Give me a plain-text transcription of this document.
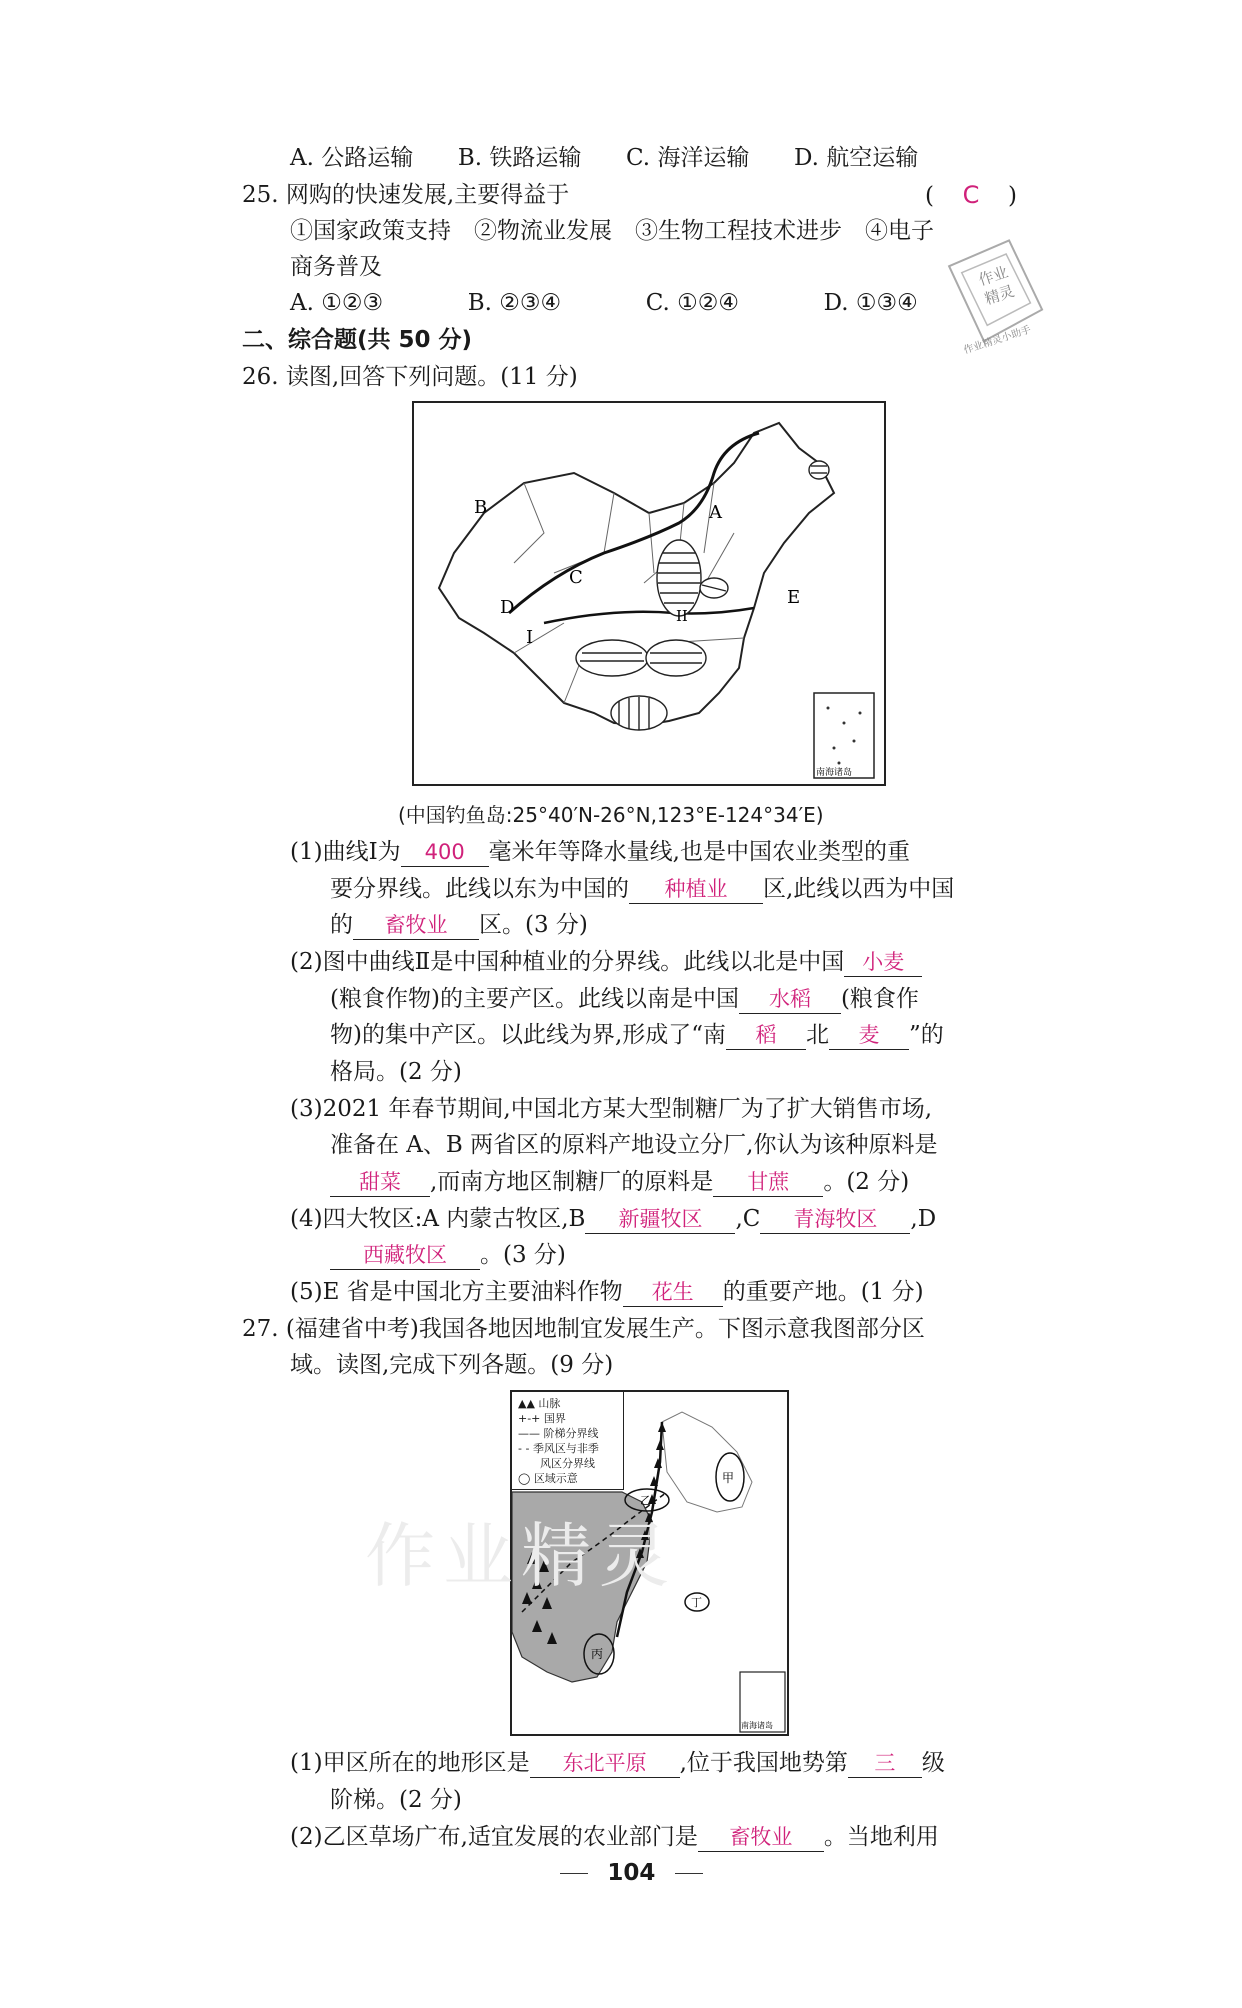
A. 公路运输 B. 铁路运输 C. 海洋运输 D. 航空运输
25. 网购的快速发展,主要得益于	( C )
①国家政策支持　②物流业发展　③生物工程技术进步　④电子
商务普及
A. ①②③	B. ②③④	C. ①②④	D. ①③④
作业
精灵
作业精灵小助手
二、综合题(共 50 分)
26. 读图,回答下列问题。(11 分)
B	A
C
D	E
I
II
南海诸岛
(中国钓鱼岛:25°40′N-26°N,123°E-124°34′E)
(1)曲线Ⅰ为 400 毫米年等降水量线,也是中国农业类型的重
要分界线。此线以东为中国的 种植业 区,此线以西为中国
的 畜牧业 区。(3 分)
(2)图中曲线Ⅱ是中国种植业的分界线。此线以北是中国 小麦
(粮食作物)的主要产区。此线以南是中国 水稻 (粮食作
物)的集中产区。以此线为界,形成了“南 稻 北 麦 ”的
格局。(2 分)
(3)2021 年春节期间,中国北方某大型制糖厂为了扩大销售市场,
准备在 A、B 两省区的原料产地设立分厂,你认为该种原料是
甜菜 ,而南方地区制糖厂的原料是 甘蔗 。(2 分)
(4)四大牧区:A 内蒙古牧区,B 新疆牧区 ,C 青海牧区 ,D
西藏牧区 。(3 分)
(5)E 省是中国北方主要油料作物 花生 的重要产地。(1 分)
27. (福建省中考)我国各地因地制宜发展生产。下图示意我图部分区
域。读图,完成下列各题。(9 分)
甲
乙
丙
丁
南海诸岛
▲▲ 山脉
+-+ 国界
—— 阶梯分界线
- - 季风区与非季
风区分界线
◯ 区域示意
(1)甲区所在的地形区是 东北平原 ,位于我国地势第 三 级
阶梯。(2 分)
(2)乙区草场广布,适宜发展的农业部门是 畜牧业 。当地利用
作业精灵
104
